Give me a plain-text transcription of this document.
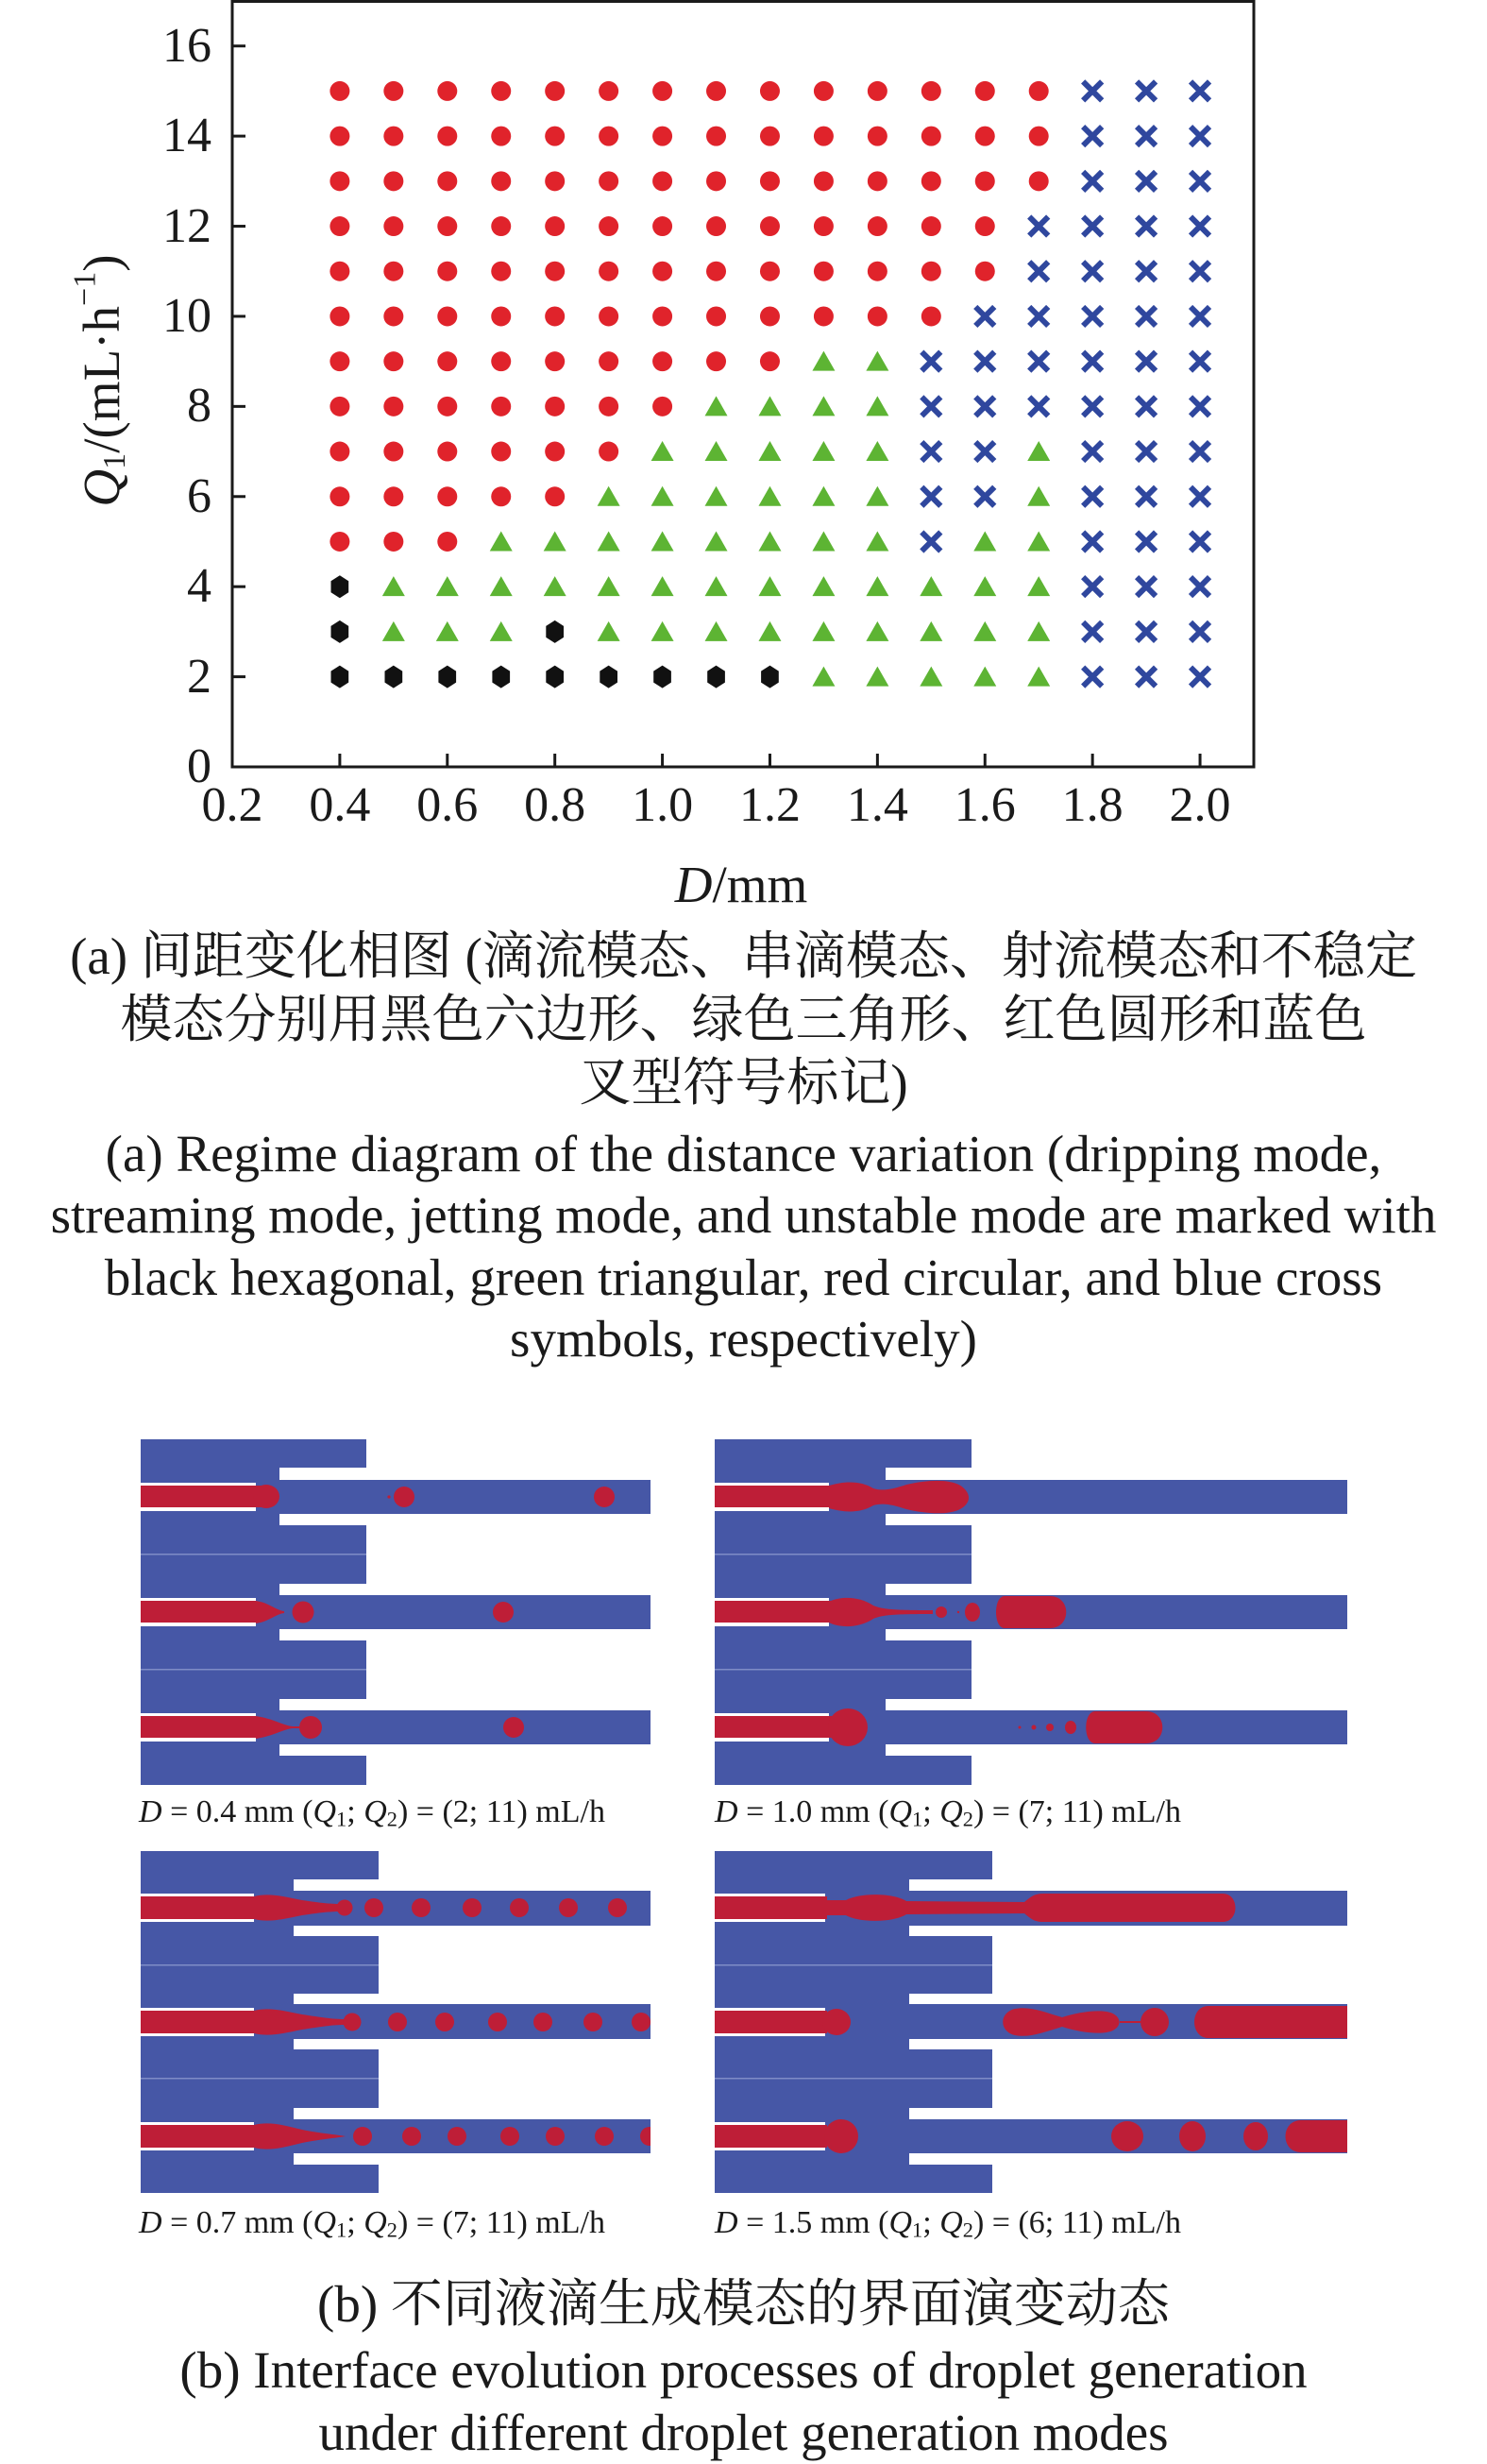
0.2 0.4 0.6 0.8 1.0 1.2 1.4 1.6 1.8 2.0
0
2
4
6
8
10
12
14
16
$Q_1/(mL\cdot h^{-1})$
D/mm
(a) 间距变化相图 (滴流模态、串滴模态、射流模态和不稳定
模态分别用黑色六边形、绿色三角形、红色圆形和蓝色
叉型符号标记)
(a) Regime diagram of the distance variation (dripping mode,
streaming mode, jetting mode, and unstable mode are marked with
black hexagonal, green triangular, red circular, and blue cross
symbols, respectively)
D = 0.4 mm ($Q_1$; $Q_2) = (2$; 11) mL/h	D = 1.0 mm ($Q_1$; $Q_2) = (7$; 11) mL/h
D = 0.7 mm ($Q_1$; $Q_2) = (7$; 11) mL/h	D = 1.5 mm ($Q_1$; $Q_2) = (6$; 11) mL/h
(b) 不同液滴生成模态的界面演变动态
(b) Interface evolution processes of droplet generation
under different droplet generation modes
